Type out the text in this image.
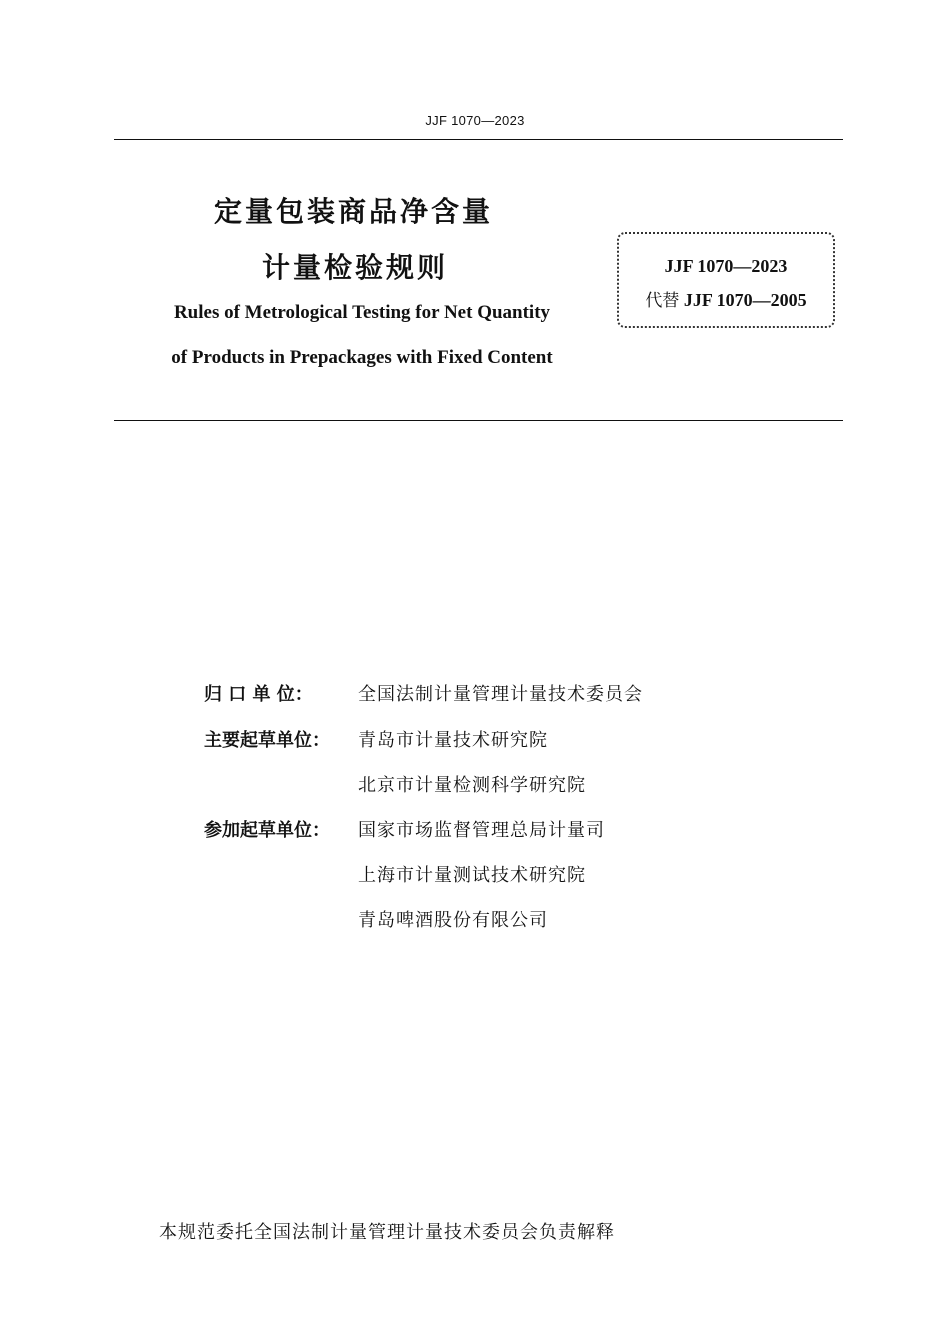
JJF 1070—2023
定量包装商品净含量
计量检验规则
Rules of Metrological Testing for Net Quantity
of Products in Prepackages with Fixed Content
JJF 1070—2023
代替 JJF 1070—2005
归 口 单 位：	全国法制计量管理计量技术委员会
主要起草单位： 青岛市计量技术研究院
北京市计量检测科学研究院
参加起草单位： 国家市场监督管理总局计量司
上海市计量测试技术研究院
青岛啤酒股份有限公司
本规范委托全国法制计量管理计量技术委员会负责解释
